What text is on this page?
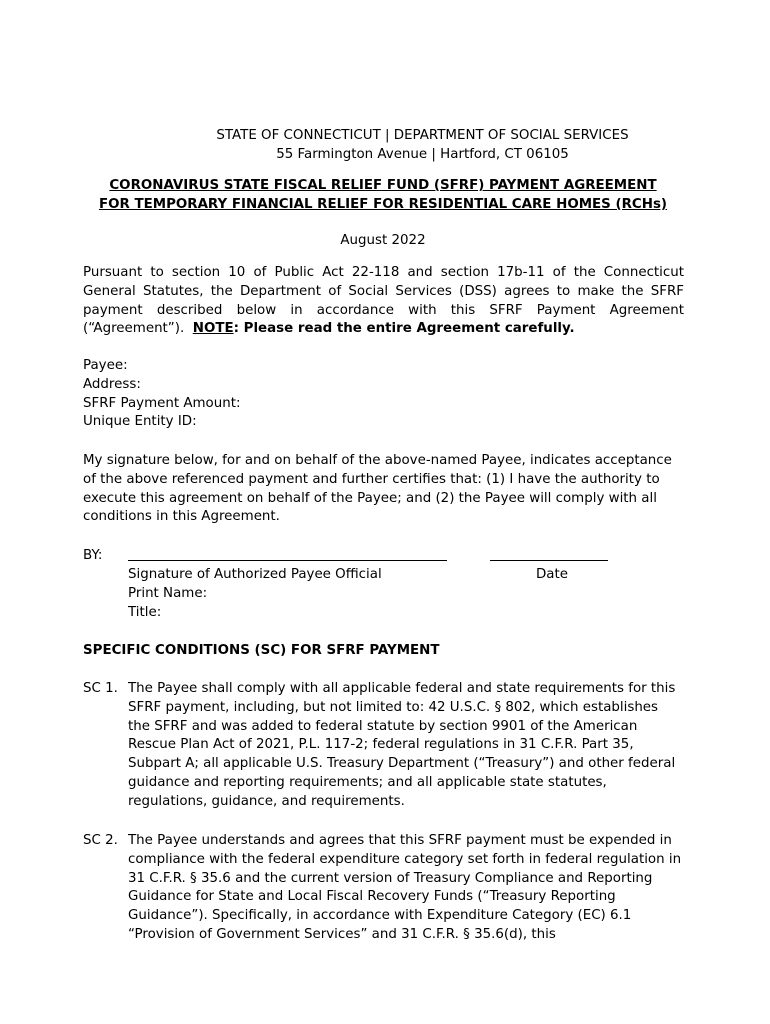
STATE OF CONNECTICUT | DEPARTMENT OF SOCIAL SERVICES
55 Farmington Avenue | Hartford, CT 06105
CORONAVIRUS STATE FISCAL RELIEF FUND (SFRF) PAYMENT AGREEMENT
FOR TEMPORARY FINANCIAL RELIEF FOR RESIDENTIAL CARE HOMES (RCHs)
August 2022
Pursuant to section 10 of Public Act 22-118 and section 17b-11 of the Connecticut General Statutes, the Department of Social Services (DSS) agrees to make the SFRF payment described below in accordance with this SFRF Payment Agreement (“Agreement”). NOTE: Please read the entire Agreement carefully.
Payee:
Address:
SFRF Payment Amount:
Unique Entity ID:
My signature below, for and on behalf of the above-named Payee, indicates acceptance of the above referenced payment and further certifies that: (1) I have the authority to execute this agreement on behalf of the Payee; and (2) the Payee will comply with all conditions in this Agreement.
BY:
Signature of Authorized Payee Official	Date
Print Name:
Title:
SPECIFIC CONDITIONS (SC) FOR SFRF PAYMENT
SC 1. The Payee shall comply with all applicable federal and state requirements for this SFRF payment, including, but not limited to: 42 U.S.C. § 802, which establishes the SFRF and was added to federal statute by section 9901 of the American Rescue Plan Act of 2021, P.L. 117-2; federal regulations in 31 C.F.R. Part 35, Subpart A; all applicable U.S. Treasury Department (“Treasury”) and other federal guidance and reporting requirements; and all applicable state statutes, regulations, guidance, and requirements.
SC 2. The Payee understands and agrees that this SFRF payment must be expended in compliance with the federal expenditure category set forth in federal regulation in 31 C.F.R. § 35.6 and the current version of Treasury Compliance and Reporting Guidance for State and Local Fiscal Recovery Funds (“Treasury Reporting Guidance”). Specifically, in accordance with Expenditure Category (EC) 6.1 “Provision of Government Services” and 31 C.F.R. § 35.6(d), this
